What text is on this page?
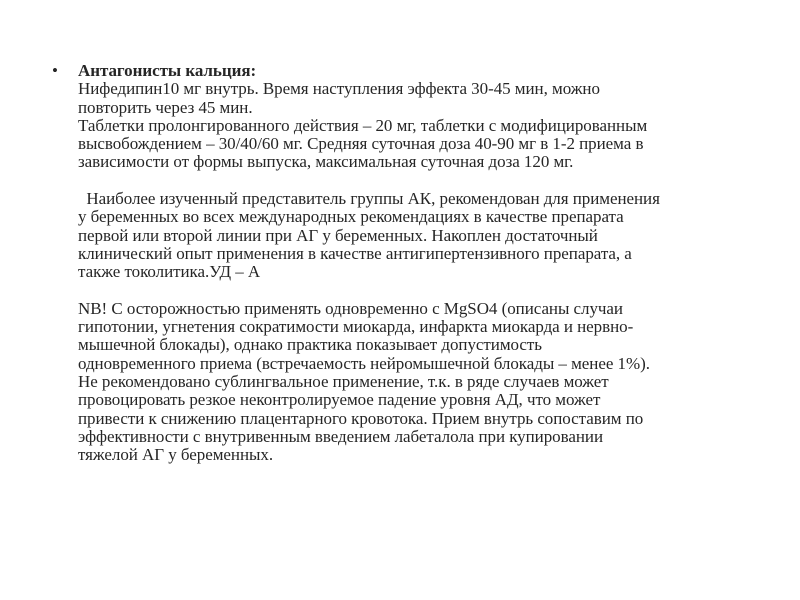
• Антагонисты кальция:
Нифедипин10 мг внутрь. Время наступления эффекта 30-45 мин, можно
повторить через 45 мин.
Таблетки пролонгированного действия – 20 мг, таблетки с модифицированным
высвобождением – 30/40/60 мг. Средняя суточная доза 40-90 мг в 1-2 приема в
зависимости от формы выпуска, максимальная суточная доза 120 мг.
Наиболее изученный представитель группы АК, рекомендован для применения
у беременных во всех международных рекомендациях в качестве препарата
первой или второй линии при АГ у беременных. Накоплен достаточный
клинический опыт применения в качестве антигипертензивного препарата, а
также токолитика.УД – А
NB! С осторожностью применять одновременно с MgSO4 (описаны случаи
гипотонии, угнетения сократимости миокарда, инфаркта миокарда и нервно-
мышечной блокады), однако практика показывает допустимость
одновременного приема (встречаемость нейромышечной блокады – менее 1%).
Не рекомендовано сублингвальное применение, т.к. в ряде случаев может
провоцировать резкое неконтролируемое падение уровня АД, что может
привести к снижению плацентарного кровотока. Прием внутрь сопоставим по
эффективности с внутривенным введением лабеталола при купировании
тяжелой АГ у беременных.
